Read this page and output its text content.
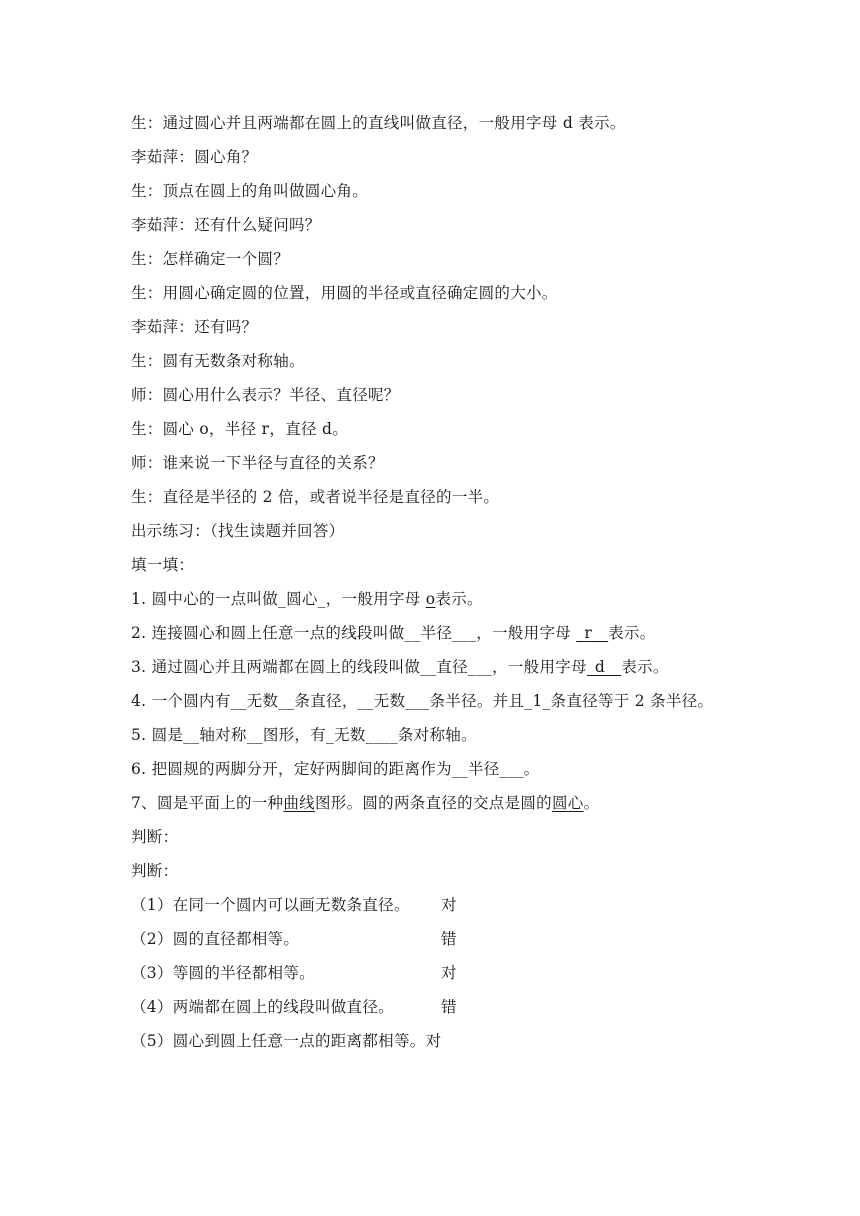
生：通过圆心并且两端都在圆上的直线叫做直径，一般用字母 d 表示。
李茹萍：圆心角？
生：顶点在圆上的角叫做圆心角。
李茹萍：还有什么疑问吗？
生：怎样确定一个圆？
生：用圆心确定圆的位置，用圆的半径或直径确定圆的大小。
李茹萍：还有吗？
生：圆有无数条对称轴。
师：圆心用什么表示？半径、直径呢？
生：圆心 o，半径 r，直径 d。
师：谁来说一下半径与直径的关系？
生：直径是半径的 2 倍，或者说半径是直径的一半。
出示练习：（找生读题并回答）
填一填：
1. 圆中心的一点叫做_圆心_，一般用字母 o表示。
2. 连接圆心和圆上任意一点的线段叫做__半径___，一般用字母 _r__表示。
3. 通过圆心并且两端都在圆上的线段叫做__直径___，一般用字母_d__表示。
4. 一个圆内有__无数__条直径，__无数___条半径。并且_1_条直径等于 2 条半径。
5. 圆是__轴对称__图形，有_无数____条对称轴。
6. 把圆规的两脚分开，定好两脚间的距离作为__半径___。
7、圆是平面上的一种曲线图形。圆的两条直径的交点是圆的圆心。
判断：
判断：
（1）在同一个圆内可以画无数条直径。 对
（2）圆的直径都相等。	错
（3）等圆的半径都相等。	对
（4）两端都在圆上的线段叫做直径。	错
（5）圆心到圆上任意一点的距离都相等。对
